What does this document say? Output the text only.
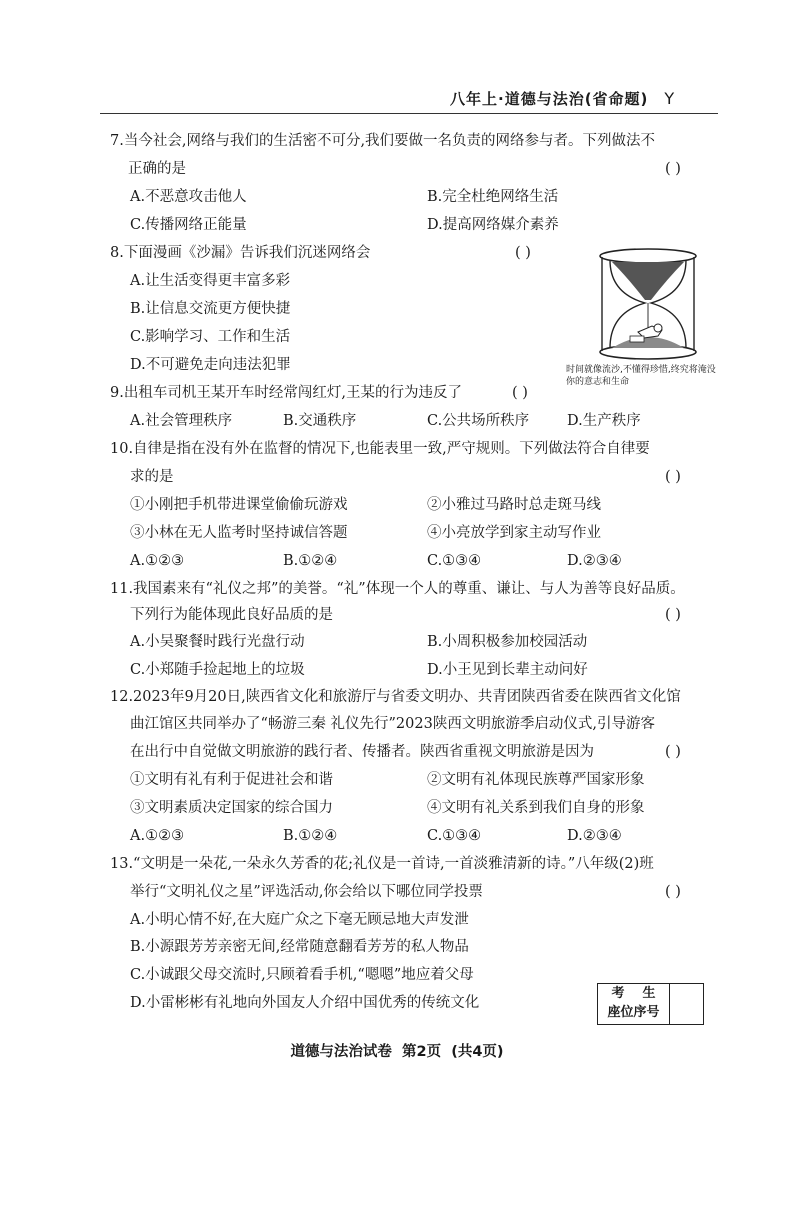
八年上·道德与法治(省命题) Y
7.当今社会,网络与我们的生活密不可分,我们要做一名负责的网络参与者。下列做法不
正确的是	( )
A.不恶意攻击他人	B.完全杜绝网络生活
C.传播网络正能量	D.提高网络媒介素养
8.下面漫画《沙漏》告诉我们沉迷网络会	( )
A.让生活变得更丰富多彩
B.让信息交流更方便快捷
C.影响学习、工作和生活
D.不可避免走向违法犯罪	时间就像流沙,不懂得珍惜,终究将淹没你的意志和生命
9.出租车司机王某开车时经常闯红灯,王某的行为违反了	( )
A.社会管理秩序	B.交通秩序	C.公共场所秩序	D.生产秩序
10.自律是指在没有外在监督的情况下,也能表里一致,严守规则。下列做法符合自律要
求的是	( )
①小刚把手机带进课堂偷偷玩游戏	②小雅过马路时总走斑马线
③小林在无人监考时坚持诚信答题	④小亮放学到家主动写作业
A.①②③	B.①②④	C.①③④	D.②③④
11.我国素来有“礼仪之邦”的美誉。“礼”体现一个人的尊重、谦让、与人为善等良好品质。
下列行为能体现此良好品质的是	( )
A.小吴聚餐时践行光盘行动	B.小周积极参加校园活动
C.小郑随手捡起地上的垃圾	D.小王见到长辈主动问好
12.2023年9月20日,陕西省文化和旅游厅与省委文明办、共青团陕西省委在陕西省文化馆
曲江馆区共同举办了“畅游三秦 礼仪先行”2023陕西文明旅游季启动仪式,引导游客
在出行中自觉做文明旅游的践行者、传播者。陕西省重视文明旅游是因为	( )
①文明有礼有利于促进社会和谐	②文明有礼体现民族尊严国家形象
③文明素质决定国家的综合国力	④文明有礼关系到我们自身的形象
A.①②③	B.①②④	C.①③④	D.②③④
13.“文明是一朵花,一朵永久芳香的花;礼仪是一首诗,一首淡雅清新的诗。”八年级(2)班
举行“文明礼仪之星”评选活动,你会给以下哪位同学投票	( )
A.小明心情不好,在大庭广众之下毫无顾忌地大声发泄
B.小源跟芳芳亲密无间,经常随意翻看芳芳的私人物品
C.小诚跟父母交流时,只顾着看手机,“嗯嗯”地应着父母
D.小雷彬彬有礼地向外国友人介绍中国优秀的传统文化
考    生
座位序号
道德与法治试卷  第2页  (共4页)
